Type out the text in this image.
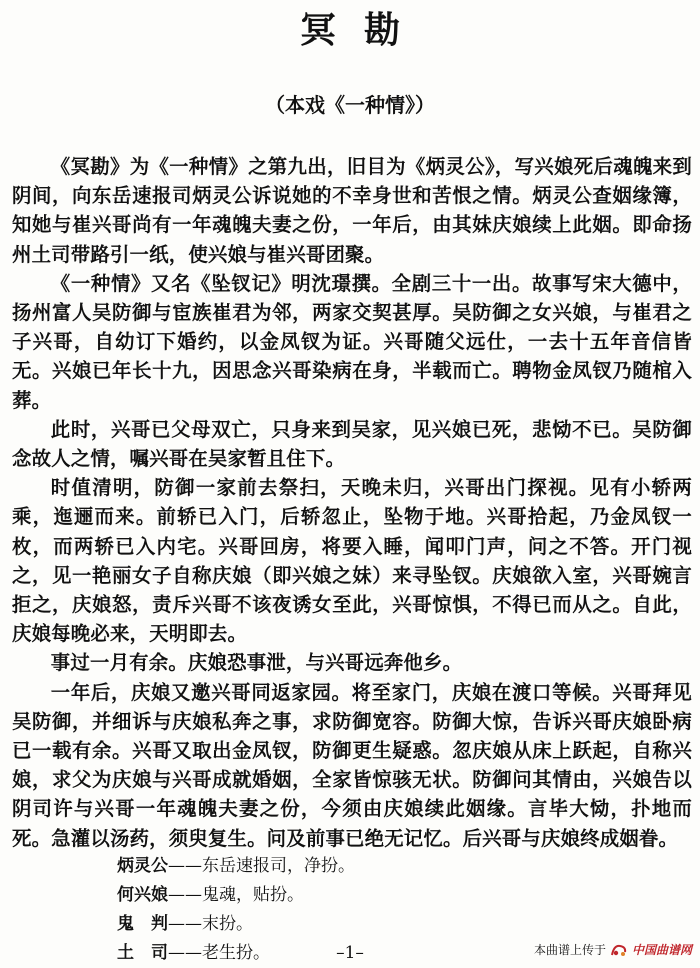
冥勘
（本戏《一种情》）

《冥勘》为《一种情》之第九出，旧目为《炳灵公》，写兴娘死后魂魄来到阴间，向东岳速报司炳灵公诉说她的不幸身世和苦恨之情。炳灵公查姻缘簿，知她与崔兴哥尚有一年魂魄夫妻之份，一年后，由其妹庆娘续上此姻。即命扬州土司带路引一纸，使兴娘与崔兴哥团聚。

《一种情》又名《坠钗记》明沈璟撰。全剧三十一出。故事写宋大德中，扬州富人吴防御与宦族崔君为邻，两家交契甚厚。吴防御之女兴娘，与崔君之子兴哥，自幼订下婚约，以金凤钗为证。兴哥随父远仕，一去十五年音信皆无。兴娘已年长十九，因思念兴哥染病在身，半载而亡。聘物金凤钗乃随棺入葬。

此时，兴哥已父母双亡，只身来到吴家，见兴娘已死，悲恸不已。吴防御念故人之情，嘱兴哥在吴家暂且住下。

时值清明，防御一家前去祭扫，天晚未归，兴哥出门探视。见有小轿两乘，迤逦而来。前轿已入门，后轿忽止，坠物于地。兴哥拾起，乃金凤钗一枚，而两轿已入内宅。兴哥回房，将要入睡，闻叩门声，问之不答。开门视之，见一艳丽女子自称庆娘（即兴娘之妹）来寻坠钗。庆娘欲入室，兴哥婉言拒之，庆娘怒，责斥兴哥不该夜诱女至此，兴哥惊惧，不得已而从之。自此，庆娘每晚必来，天明即去。

事过一月有余。庆娘恐事泄，与兴哥远奔他乡。

一年后，庆娘又邀兴哥同返家园。将至家门，庆娘在渡口等候。兴哥拜见吴防御，并细诉与庆娘私奔之事，求防御宽容。防御大惊，告诉兴哥庆娘卧病已一载有余。兴哥又取出金凤钗，防御更生疑惑。忽庆娘从床上跃起，自称兴娘，求父为庆娘与兴哥成就婚姻，全家皆惊骇无状。防御问其情由，兴娘告以阴司许与兴哥一年魂魄夫妻之份，今须由庆娘续此姻缘。言毕大恸，扑地而死。急灌以汤药，须臾复生。问及前事已绝无记忆。后兴哥与庆娘终成姻眷。

炳灵公——东岳速报司，净扮。
何兴娘——鬼魂，贴扮。
鬼　判——末扮。
土　司——老生扮。	–1–	本曲谱上传于 中国曲谱网
